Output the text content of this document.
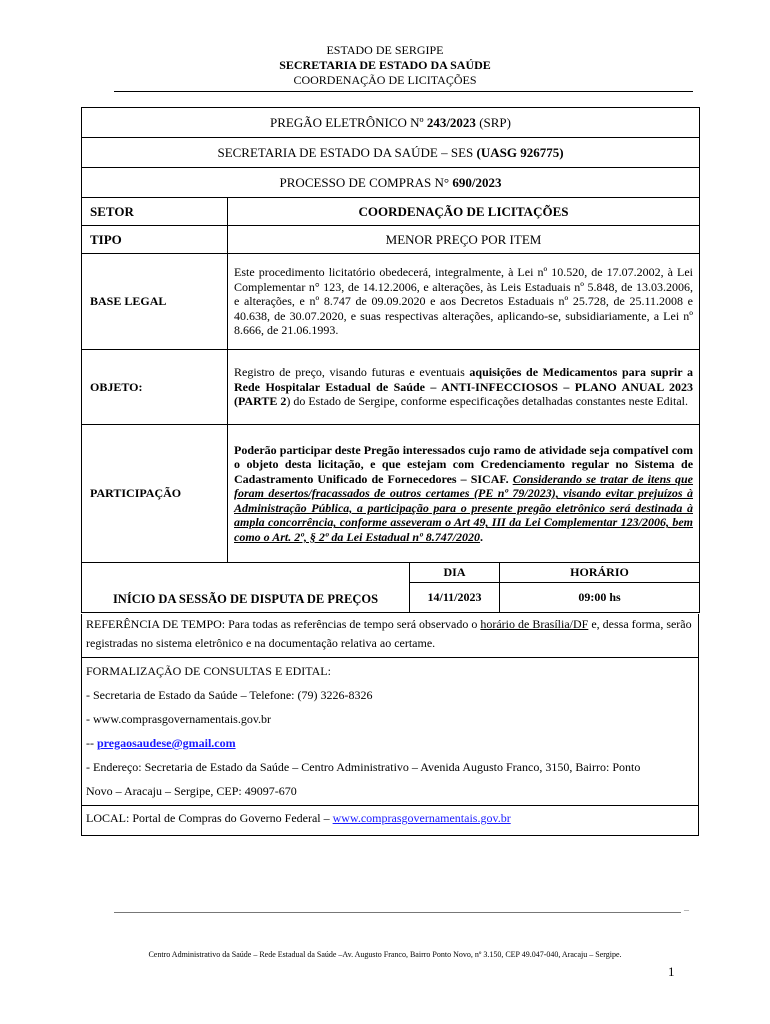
ESTADO DE SERGIPE
SECRETARIA DE ESTADO DA SAÚDE
COORDENAÇÃO DE LICITAÇÕES
PREGÃO ELETRÔNICO Nº 243/2023 (SRP)			
SECRETARIA DE ESTADO DA SAÚDE – SES (UASG 926775)			
PROCESSO DE COMPRAS N° 690/2023			
SETOR	COORDENAÇÃO DE LICITAÇÕES		
TIPO	MENOR PREÇO POR ITEM		
BASE LEGAL	Este procedimento licitatório obedecerá, integralmente, à Lei nº 10.520, de 17.07.2002, à Lei Complementar n° 123, de 14.12.2006, e alterações, às Leis Estaduais nº 5.848, de 13.03.2006, e alterações, e nº 8.747 de 09.09.2020 e aos Decretos Estaduais nº 25.728, de 25.11.2008 e 40.638, de 30.07.2020, e suas respectivas alterações, aplicando-se, subsidiariamente, a Lei nº 8.666, de 21.06.1993.		
OBJETO:	Registro de preço, visando futuras e eventuais aquisições de Medicamentos para suprir a Rede Hospitalar Estadual de Saúde – ANTI-INFECCIOSOS – PLANO ANUAL 2023 (PARTE 2) do Estado de Sergipe, conforme especificações detalhadas constantes neste Edital.		
PARTICIPAÇÃO	Poderão participar deste Pregão interessados cujo ramo de atividade seja compatível com o objeto desta licitação, e que estejam com Credenciamento regular no Sistema de Cadastramento Unificado de Fornecedores – SICAF. Considerando se tratar de itens que foram desertos/fracassados de outros certames (PE nº 79/2023), visando evitar prejuízos à Administração Pública, a participação para o presente pregão eletrônico será destinada à ampla concorrência, conforme asseveram o Art 49, III da Lei Complementar 123/2006, bem como o Art. 2º, § 2º da Lei Estadual nº 8.747/2020.		
INÍCIO DA SESSÃO DE DISPUTA DE PREÇOS		DIA	HORÁRIO
		14/11/2023	09:00 hs

REFERÊNCIA DE TEMPO: Para todas as referências de tempo será observado o horário de Brasília/DF e, dessa forma, serão registradas no sistema eletrônico e na documentação relativa ao certame.

FORMALIZAÇÃO DE CONSULTAS E EDITAL:

- Secretaria de Estado da Saúde – Telefone: (79) 3226-8326

- www.comprasgovernamentais.gov.br

-- pregaosaudese@gmail.com

- Endereço: Secretaria de Estado da Saúde – Centro Administrativo – Avenida Augusto Franco, 3150, Bairro: Ponto

Novo – Aracaju – Sergipe, CEP: 49097-670

LOCAL: Portal de Compras do Governo Federal – www.comprasgovernamentais.gov.br

–
Centro Administrativo da Saúde – Rede Estadual da Saúde –Av. Augusto Franco, Bairro Ponto Novo, nº 3.150, CEP 49.047-040, Aracaju – Sergipe.
1
